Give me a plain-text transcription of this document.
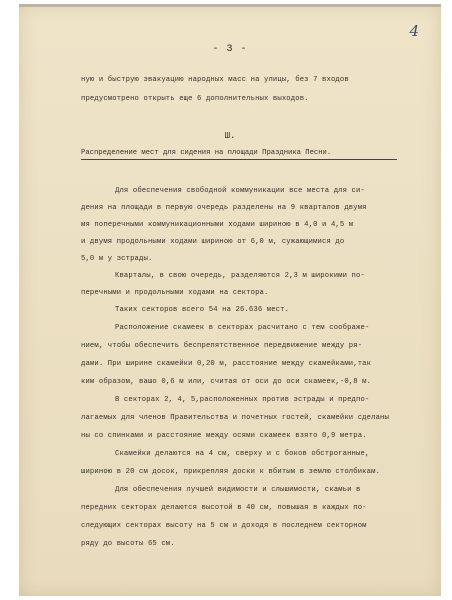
4
- 3 -
ную и быструю эвакуацию народных масс на улицы, без 7 входов
предусмотрено открыть еще 6 дополнительных выходов.
Ш.
Распределение мест для сидения на площади Праздника Песни.
Для обеспечения свободной коммуникации все места для си-
дения на площади в первую очередь разделены на 9 кварталов двумя
мя поперечными коммуникационными ходами шириною в 4,0 и 4,5 м
и двумя продольными ходами шириною от 6,0 м, сужающимися до
5,0 м у эстрады.
Кварталы, в свою очередь, разделяются 2,3 м широкими по-
перечными и продольными ходами на сектора.
Таких секторов всего 54 на 26.636 мест.
Расположение скамеек в секторах расчитано с тем соображе-
нием, чтобы обеспечить беспрепятственное передвижение между ря-
дами. При ширине скамейки 0,20 м, расстояние между скамейками,так
ким образом, вашо 0,6 м или, считая от оси до оси скамеек,-0,8 м.
В секторах 2, 4, 5,расположенных против эстрады и предпо-
лагаемых для членов Правительства и почетных гостей, скамейки сделаны
ны со спинками и расстояние между осями скамеек взято 0,9 метра.
Скамейки делаются на 4 см, сверху и с боков обстроганные,
шириною в 20 см досок, прикрепляя доски к вбитым в землю столбикам.
Для обеспечения лучшей видимости и слышимости, скамьи в
передних секторах делаются высотой в 40 см, повышая в каждых по-
следующих секторах высоту на 5 см и доходя в последнем секторном
ряду до высоты 65 см.
